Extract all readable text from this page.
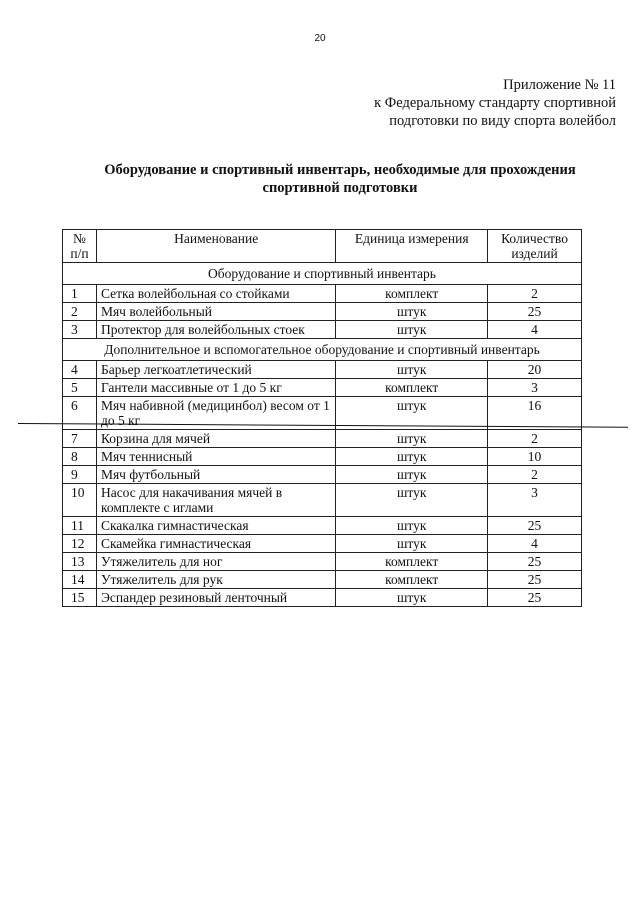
20
Приложение № 11
к Федеральному стандарту спортивной
подготовки по виду спорта волейбол
Оборудование и спортивный инвентарь, необходимые для прохождения
спортивной подготовки
№ п/п	Наименование	Единица измерения	Количество изделий
Оборудование и спортивный инвентарь			
1	Сетка волейбольная со стойками	комплект	2
2	Мяч волейбольный	штук	25
3	Протектор для волейбольных стоек	штук	4
Дополнительное и вспомогательное оборудование и спортивный инвентарь			
4	Барьер легкоатлетический	штук	20
5	Гантели массивные от 1 до 5 кг	комплект	3
6	Мяч набивной (медицинбол) весом от 1 до 5 кг	штук	16
7	Корзина для мячей	штук	2
8	Мяч теннисный	штук	10
9	Мяч футбольный	штук	2
10	Насос для накачивания мячей в комплекте с иглами	штук	3
11	Скакалка гимнастическая	штук	25
12	Скамейка гимнастическая	штук	4
13	Утяжелитель для ног	комплект	25
14	Утяжелитель для рук	комплект	25
15	Эспандер резиновый ленточный	штук	25
